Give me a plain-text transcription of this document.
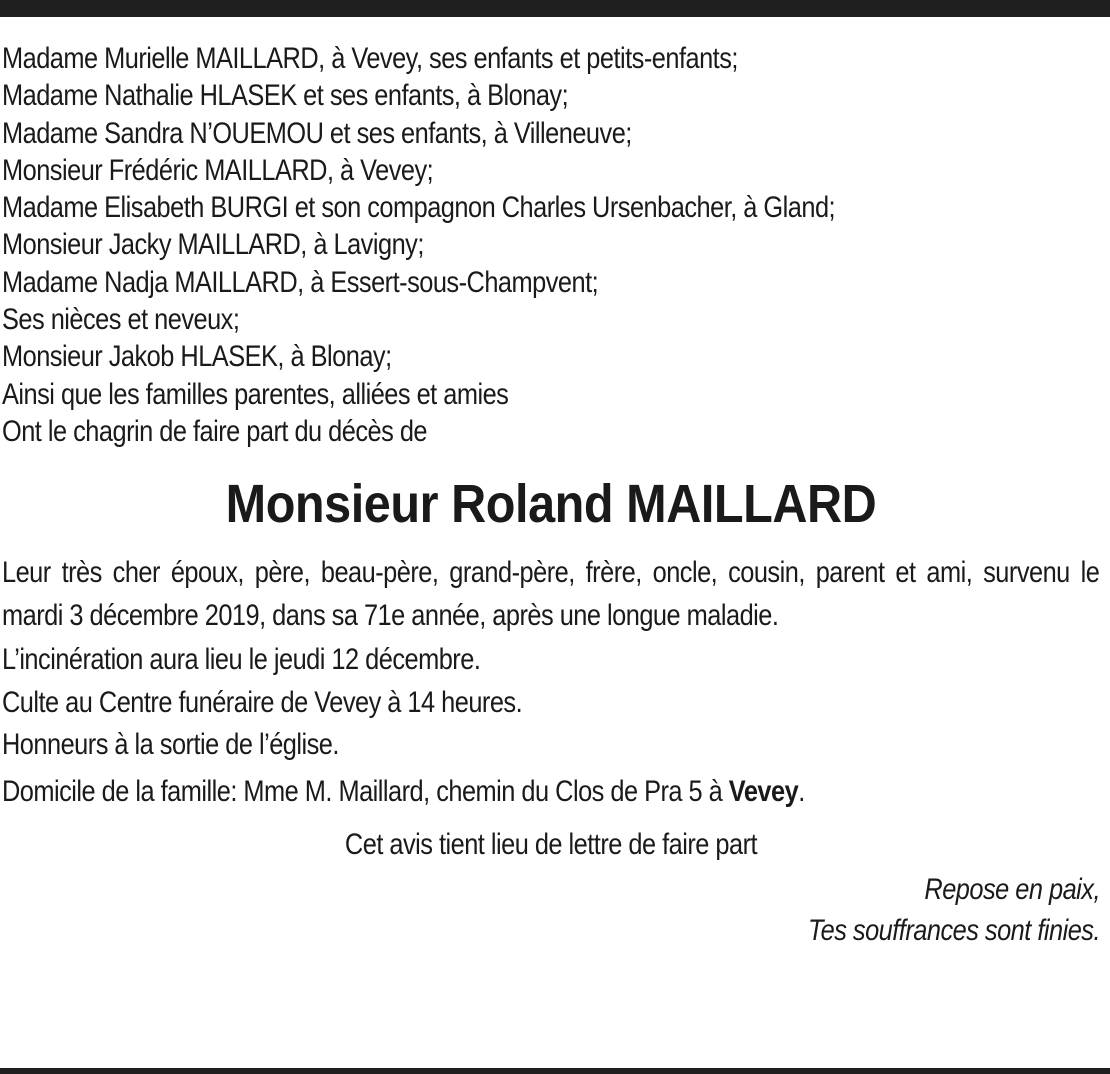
Madame Murielle MAILLARD, à Vevey, ses enfants et petits-enfants;
Madame Nathalie HLASEK et ses enfants, à Blonay;
Madame Sandra N’OUEMOU et ses enfants, à Villeneuve;
Monsieur Frédéric MAILLARD, à Vevey;
Madame Elisabeth BURGI et son compagnon Charles Ursenbacher, à Gland;
Monsieur Jacky MAILLARD, à Lavigny;
Madame Nadja MAILLARD, à Essert-sous-Champvent;
Ses nièces et neveux;
Monsieur Jakob HLASEK, à Blonay;
Ainsi que les familles parentes, alliées et amies
Ont le chagrin de faire part du décès de
Monsieur Roland MAILLARD

Leur très cher époux, père, beau-père, grand-père, frère, oncle, cousin, parent et ami, survenu le mardi 3 décembre 2019, dans sa 71e année, après une longue maladie.

L’incinération aura lieu le jeudi 12 décembre.

Culte au Centre funéraire de Vevey à 14 heures.

Honneurs à la sortie de l’église.

Domicile de la famille: Mme M. Maillard, chemin du Clos de Pra 5 à Vevey.

Cet avis tient lieu de lettre de faire part

Repose en paix,

Tes souffrances sont finies.
